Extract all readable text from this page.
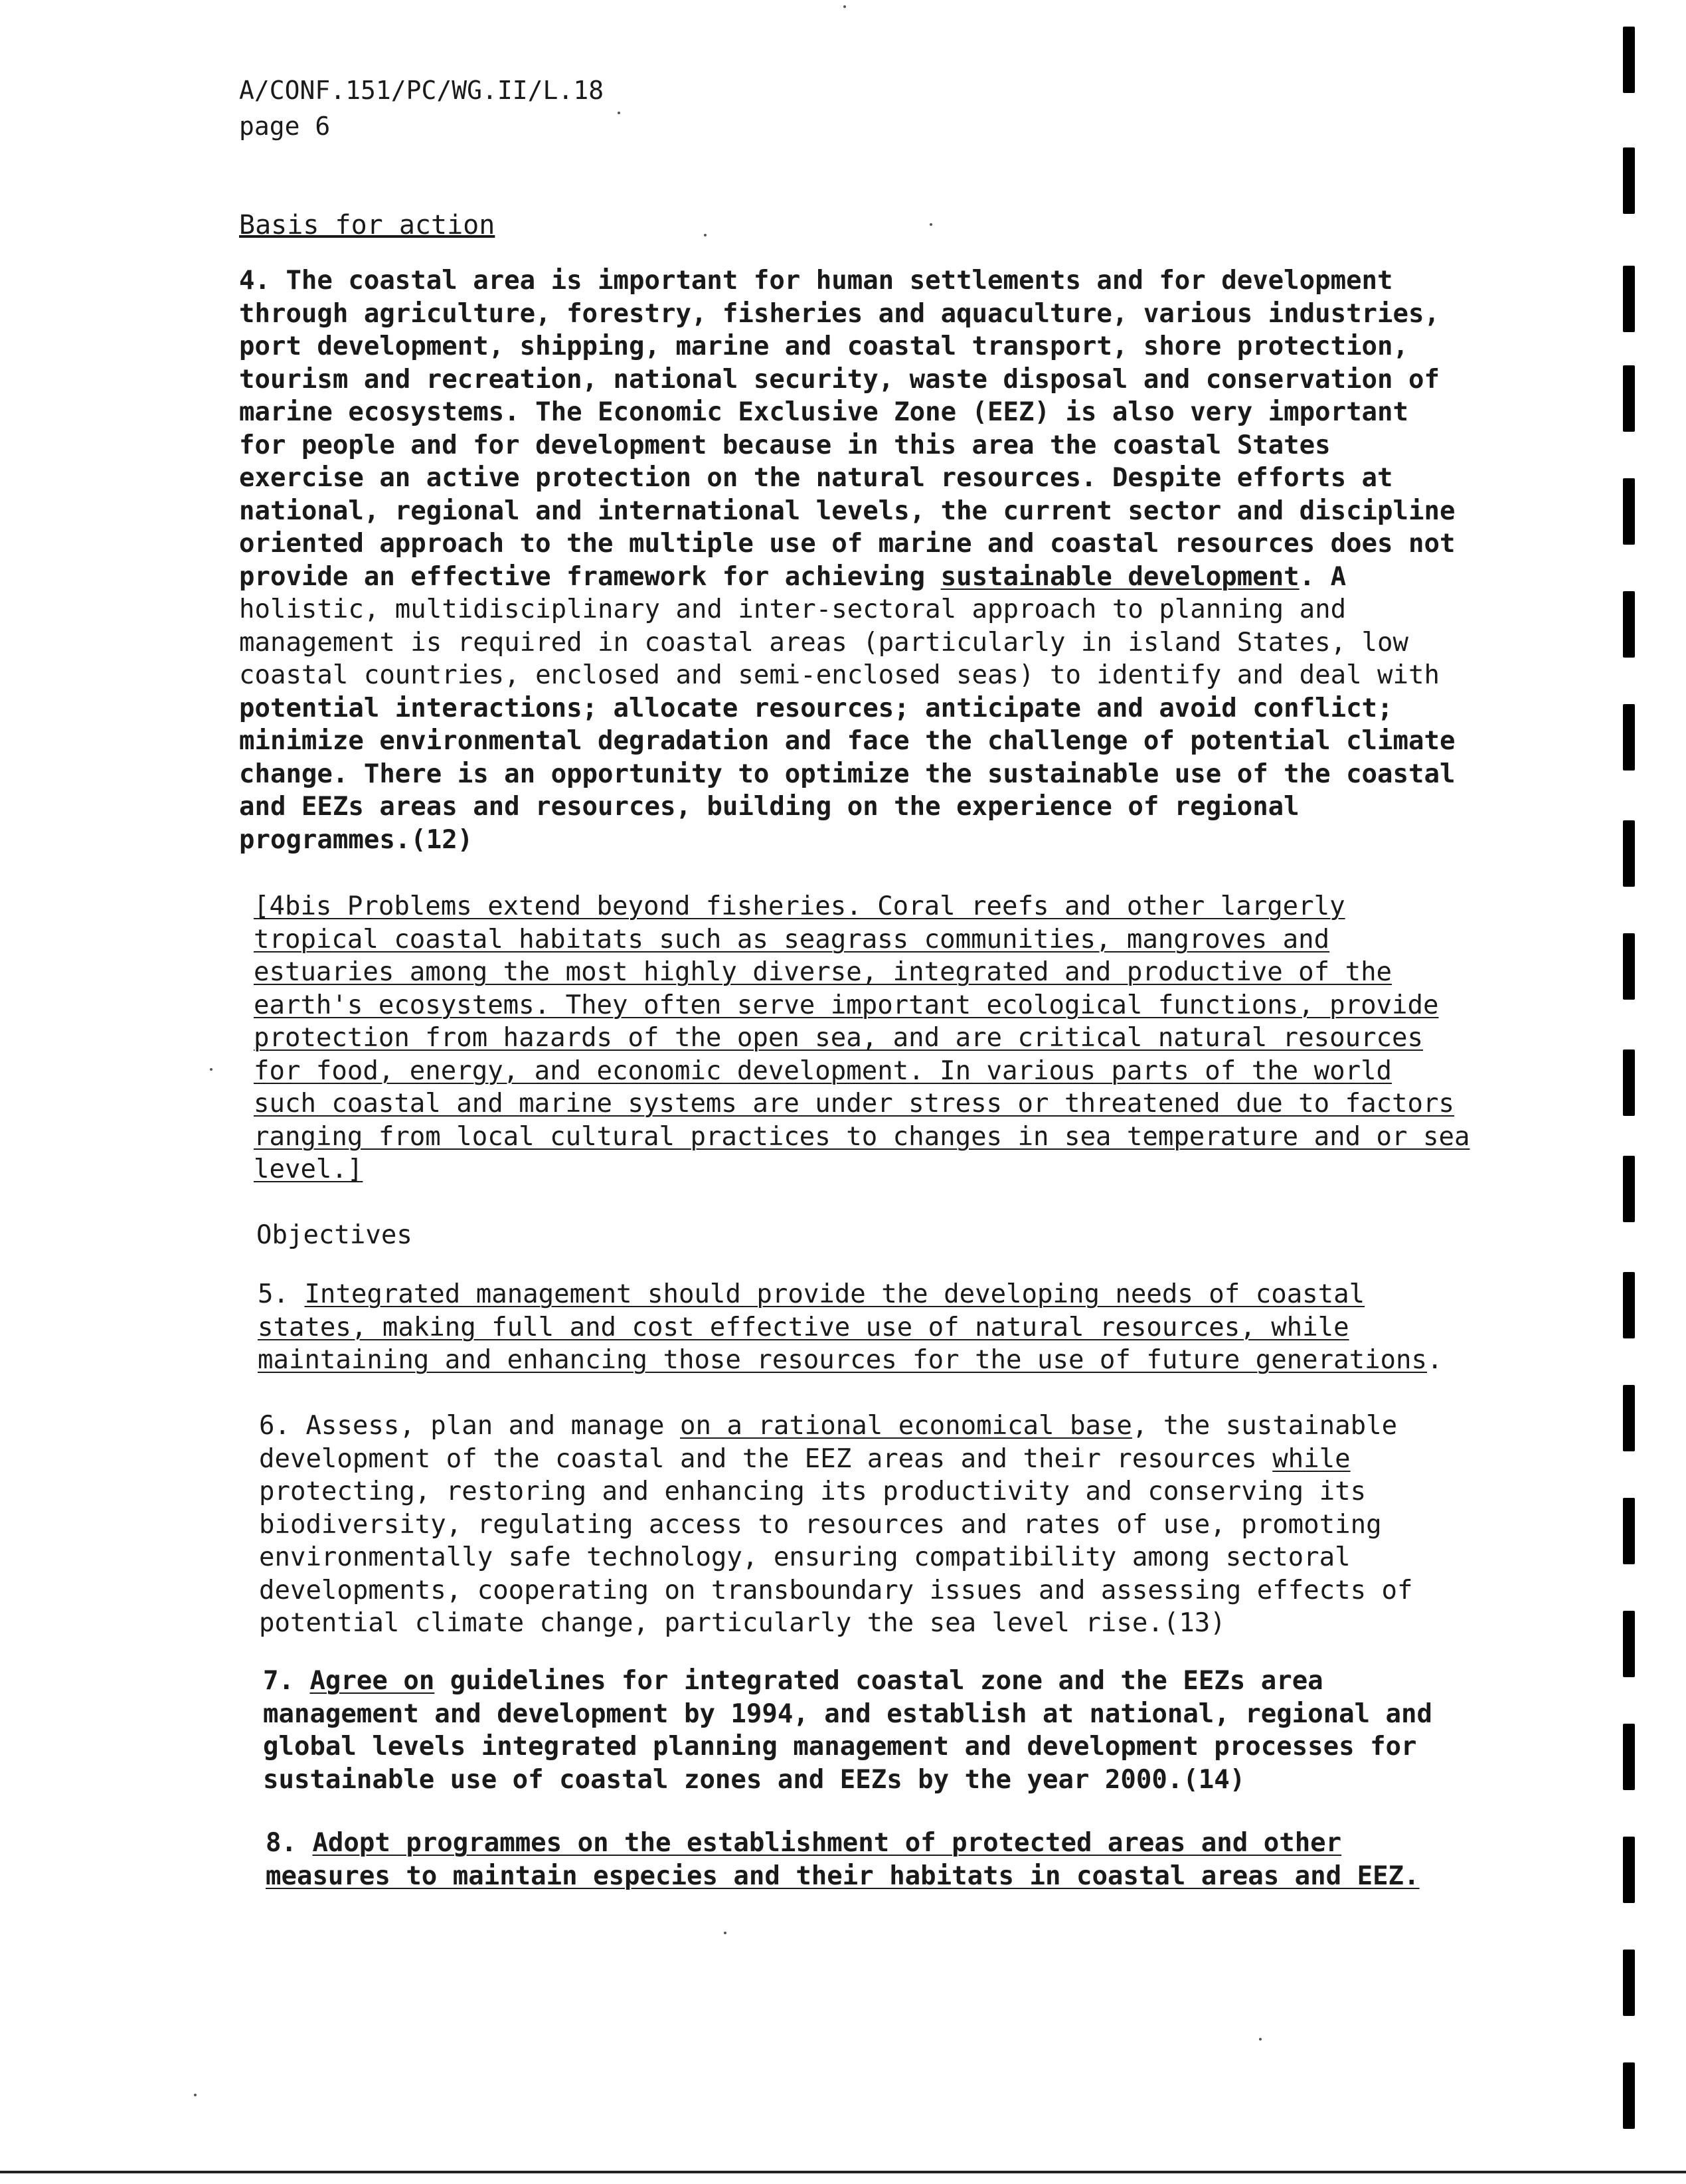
A/CONF.151/PC/WG.II/L.18
page 6
Basis for action

4. The coastal area is important for human settlements and for development

through agriculture, forestry, fisheries and aquaculture, various industries,

port development, shipping, marine and coastal transport, shore protection,

tourism and recreation, national security, waste disposal and conservation of

marine ecosystems. The Economic Exclusive Zone (EEZ) is also very important

for people and for development because in this area the coastal States

exercise an active protection on the natural resources. Despite efforts at

national, regional and international levels, the current sector and discipline

oriented approach to the multiple use of marine and coastal resources does not

provide an effective framework for achieving sustainable development. A

holistic, multidisciplinary and inter-sectoral approach to planning and

management is required in coastal areas (particularly in island States, low

coastal countries, enclosed and semi-enclosed seas) to identify and deal with

potential interactions; allocate resources; anticipate and avoid conflict;

minimize environmental degradation and face the challenge of potential climate

change. There is an opportunity to optimize the sustainable use of the coastal

and EEZs areas and resources, building on the experience of regional

programmes.(12)

[4bis Problems extend beyond fisheries. Coral reefs and other largerly

tropical coastal habitats such as seagrass communities, mangroves and

estuaries among the most highly diverse, integrated and productive of the

earth's ecosystems. They often serve important ecological functions, provide

protection from hazards of the open sea, and are critical natural resources

for food, energy, and economic development. In various parts of the world

such coastal and marine systems are under stress or threatened due to factors

ranging from local cultural practices to changes in sea temperature and or sea

level.]

Objectives

5. Integrated management should provide the developing needs of coastal

states, making full and cost effective use of natural resources, while

maintaining and enhancing those resources for the use of future generations.

6. Assess, plan and manage on a rational economical base, the sustainable

development of the coastal and the EEZ areas and their resources while

protecting, restoring and enhancing its productivity and conserving its

biodiversity, regulating access to resources and rates of use, promoting

environmentally safe technology, ensuring compatibility among sectoral

developments, cooperating on transboundary issues and assessing effects of

potential climate change, particularly the sea level rise.(13)

7. Agree on guidelines for integrated coastal zone and the EEZs area

management and development by 1994, and establish at national, regional and

global levels integrated planning management and development processes for

sustainable use of coastal zones and EEZs by the year 2000.(14)

8. Adopt programmes on the establishment of protected areas and other

measures to maintain especies and their habitats in coastal areas and EEZ.
